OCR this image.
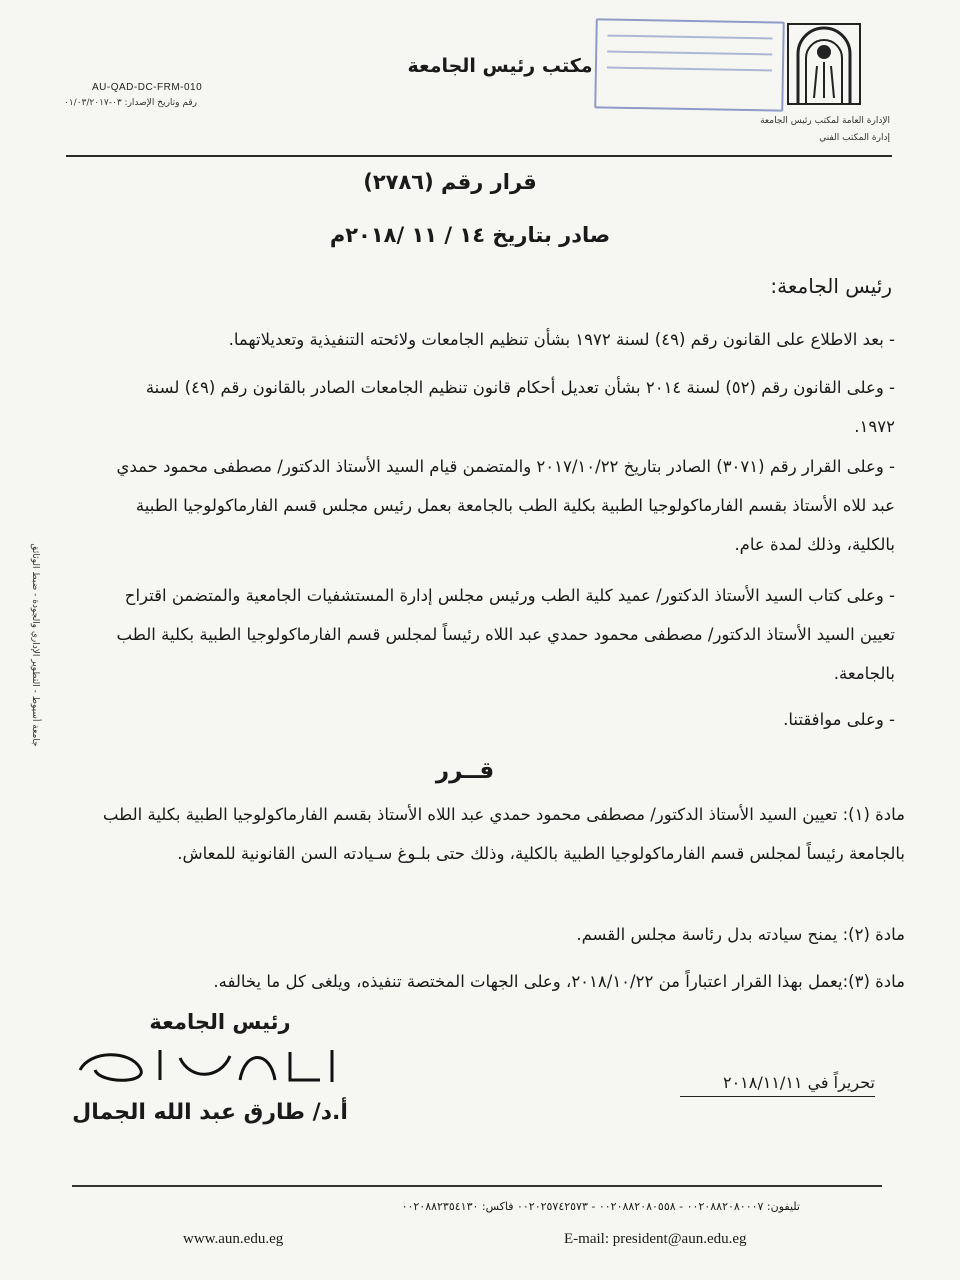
مكتب رئيس الجامعة
AU-QAD-DC-FRM-010
رقم وتاريخ الإصدار: ٠٣-٠١/٠٣/٢٠١٧
الإدارة العامة لمكتب رئيس الجامعة
إدارة المكتب الفني
قرار رقم (٢٧٨٦)
صادر بتاريخ ١٤ / ١١ /٢٠١٨م
رئيس الجامعة:

- بعد الاطلاع على القانون رقم (٤٩) لسنة ١٩٧٢ بشأن تنظيم الجامعات ولائحته التنفيذية وتعديلاتهما.

- وعلى القانون رقم (٥٢) لسنة ٢٠١٤ بشأن تعديل أحكام قانون تنظيم الجامعات الصادر بالقانون رقم (٤٩) لسنة ١٩٧٢.

- وعلى القرار رقم (٣٠٧١) الصادر بتاريخ ٢٠١٧/١٠/٢٢ والمتضمن قيام السيد الأستاذ الدكتور/ مصطفى محمود حمدي عبد للاه الأستاذ بقسم الفارماكولوجيا الطبية بكلية الطب بالجامعة بعمل رئيس مجلس قسم الفارماكولوجيا الطبية بالكلية، وذلك لمدة عام.

- وعلى كتاب السيد الأستاذ الدكتور/ عميد كلية الطب ورئيس مجلس إدارة المستشفيات الجامعية والمتضمن اقتراح تعيين السيد الأستاذ الدكتور/ مصطفى محمود حمدي عبد اللاه رئيساً لمجلس قسم الفارماكولوجيا الطبية بكلية الطب بالجامعة.

- وعلى موافقتنا.

قــرر

مادة (١): تعيين السيد الأستاذ الدكتور/ مصطفى محمود حمدي عبد اللاه الأستاذ بقسم الفارماكولوجيا الطبية بكلية الطب بالجامعة رئيساً لمجلس قسم الفارماكولوجيا الطبية بالكلية، وذلك حتى بلـوغ سـيادته السن القانونية للمعاش.

مادة (٢): يمنح سيادته بدل رئاسة مجلس القسم.

مادة (٣):يعمل بهذا القرار اعتباراً من ٢٠١٨/١٠/٢٢، وعلى الجهات المختصة تنفيذه، ويلغى كل ما يخالفه.

رئيس الجامعة
أ.د/ طارق عبد الله الجمال
تحريراً في ٢٠١٨/١١/١١
جامعة أسيوط - التطوير الإداري والجودة - ضبط الوثائق
تليفون: ٠٠٢٠٨٨٢٠٨٠٠٠٧ - ٠٠٢٠٨٨٢٠٨٠٥٥٨ - ٠٠٢٠٢٥٧٤٢٥٧٣ فاكس: ٠٠٢٠٨٨٢٣٥٤١٣٠
www.aun.edu.eg	E-mail: president@aun.edu.eg
